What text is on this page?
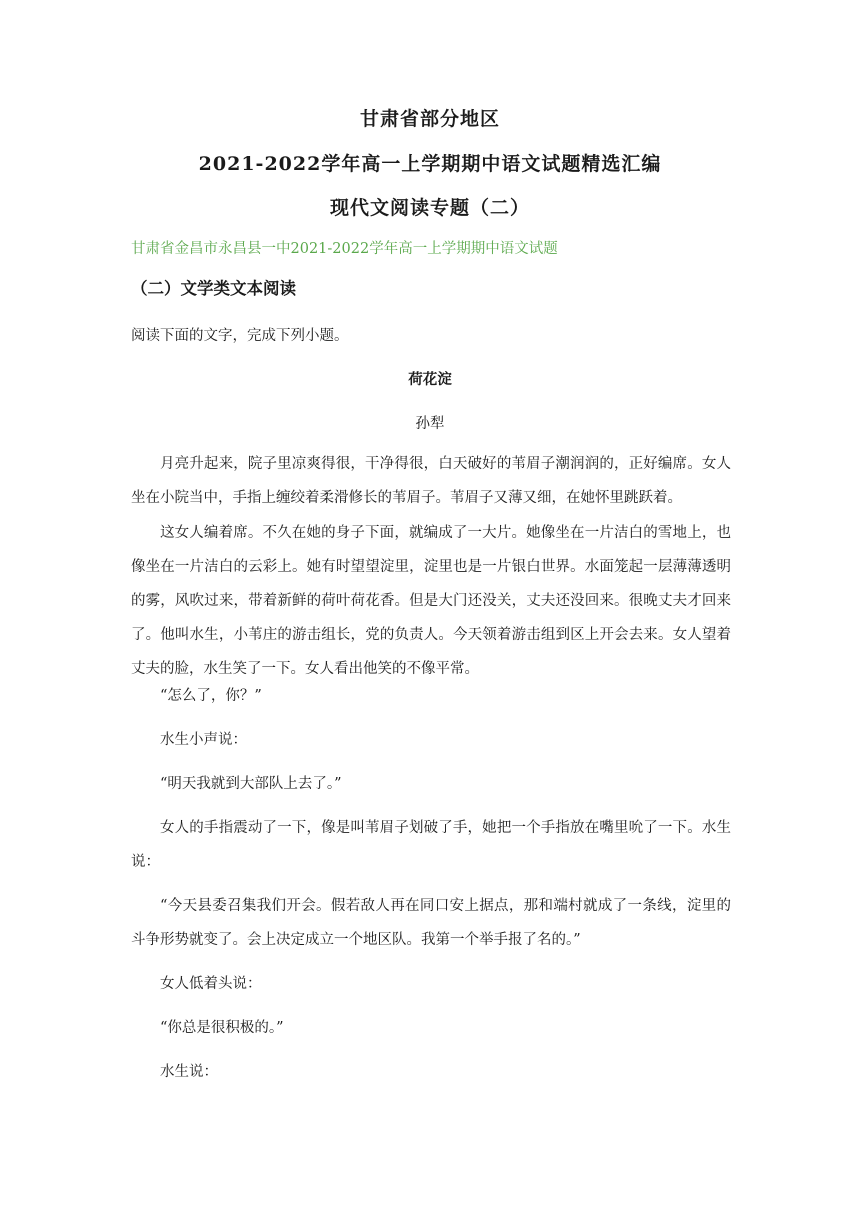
甘肃省部分地区
2021-2022学年高一上学期期中语文试题精选汇编
现代文阅读专题（二）
甘肃省金昌市永昌县一中2021-2022学年高一上学期期中语文试题
（二）文学类文本阅读
阅读下面的文字，完成下列小题。
荷花淀
孙犁

月亮升起来，院子里凉爽得很，干净得很，白天破好的苇眉子潮润润的，正好编席。女人坐在小院当中，手指上缠绞着柔滑修长的苇眉子。苇眉子又薄又细，在她怀里跳跃着。

这女人编着席。不久在她的身子下面，就编成了一大片。她像坐在一片洁白的雪地上，也像坐在一片洁白的云彩上。她有时望望淀里，淀里也是一片银白世界。水面笼起一层薄薄透明的雾，风吹过来，带着新鲜的荷叶荷花香。但是大门还没关，丈夫还没回来。很晚丈夫才回来了。他叫水生，小苇庄的游击组长，党的负责人。今天领着游击组到区上开会去来。女人望着丈夫的脸，水生笑了一下。女人看出他笑的不像平常。

“怎么了，你？”

水生小声说：

“明天我就到大部队上去了。”

女人的手指震动了一下，像是叫苇眉子划破了手，她把一个手指放在嘴里吮了一下。水生说：

“今天县委召集我们开会。假若敌人再在同口安上据点，那和端村就成了一条线，淀里的斗争形势就变了。会上决定成立一个地区队。我第一个举手报了名的。”

女人低着头说：

“你总是很积极的。”

水生说：
